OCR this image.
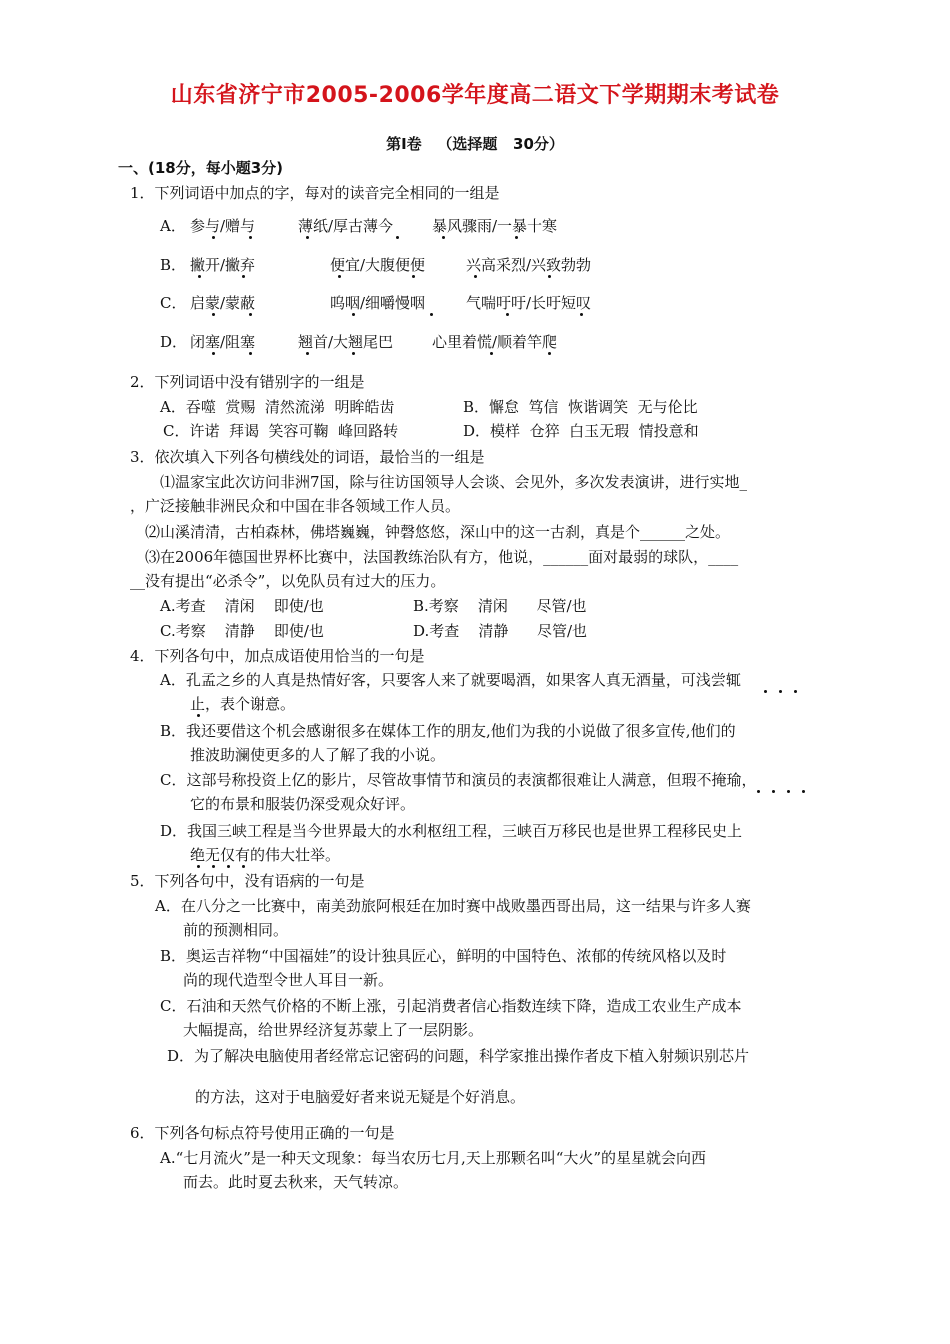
山东省济宁市2005-2006学年度高二语文下学期期末考试卷
第Ⅰ卷   （选择题   30分）
一、(18分，每小题3分)
1．下列词语中加点的字，每对的读音完全相同的一组是
A． 参与/赠与	薄纸/厚古薄今	暴风骤雨/一暴十寒
B． 撇开/撇弃	便宜/大腹便便	兴高采烈/兴致勃勃
C． 启蒙/蒙蔽	呜咽/细嚼慢咽	气喘吁吁/长吁短叹
D． 闭塞/阻塞	翘首/大翘尾巴	心里着慌/顺着竿爬
2．下列词语中没有错别字的一组是
A．吞噬  赏赐  清然流涕  明眸皓齿	B．懈怠  笃信  恢谐调笑  无与伦比
C．许诺  拜谒  笑容可鞠  峰回路转	D．模样  仓猝  白玉无瑕  情投意和
3．依次填入下列各句横线处的词语，最恰当的一组是
⑴温家宝此次访问非洲7国，除与往访国领导人会谈、会见外，多次发表演讲，进行实地_
，广泛接触非洲民众和中国在非各领域工作人员。
⑵山溪清清，古柏森林，佛塔巍巍，钟磬悠悠，深山中的这一古刹，真是个______之处。
⑶在2006年德国世界杯比赛中，法国教练治队有方，他说，______面对最弱的球队，____
__没有提出“必杀令”，以免队员有过大的压力。
A.考查    清闲    即使/也	B.考察    清闲      尽管/也
C.考察    清静    即使/也	D.考查    清静      尽管/也
4．下列各句中，加点成语使用恰当的一句是
A．孔孟之乡的人真是热情好客，只要客人来了就要喝酒，如果客人真无酒量，可浅尝辄
止，表个谢意。
B．我还要借这个机会感谢很多在媒体工作的朋友,他们为我的小说做了很多宣传,他们的
推波助澜使更多的人了解了我的小说。
C．这部号称投资上亿的影片，尽管故事情节和演员的表演都很难让人满意，但瑕不掩瑜，
它的布景和服装仍深受观众好评。
D．我国三峡工程是当今世界最大的水利枢纽工程，三峡百万移民也是世界工程移民史上
绝无仅有的伟大壮举。
5．下列各句中，没有语病的一句是
A．在八分之一比赛中，南美劲旅阿根廷在加时赛中战败墨西哥出局，这一结果与许多人赛
前的预测相同。
B．奥运吉祥物“中国福娃”的设计独具匠心，鲜明的中国特色、浓郁的传统风格以及时
尚的现代造型令世人耳目一新。
C．石油和天然气价格的不断上涨，引起消费者信心指数连续下降，造成工农业生产成本
大幅提高，给世界经济复苏蒙上了一层阴影。
D．为了解决电脑使用者经常忘记密码的问题，科学家推出操作者皮下植入射频识别芯片
的方法，这对于电脑爱好者来说无疑是个好消息。
6．下列各句标点符号使用正确的一句是
A.“七月流火”是一种天文现象：每当农历七月,天上那颗名叫“大火”的星星就会向西
而去。此时夏去秋来，天气转凉。
